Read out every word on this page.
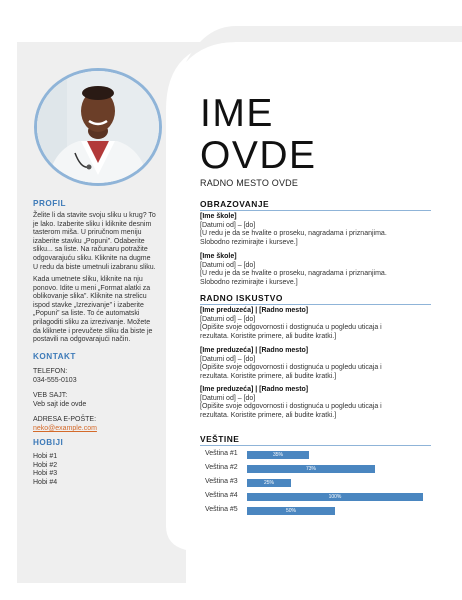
PROFIL

Želite li da stavite svoju sliku u krug? To

je lako. Izaberite sliku i kliknite desnim

tasterom miša. U priručnom meniju

izaberite stavku „Popuni”. Odaberite

sliku... sa liste. Na računaru potražite

odgovarajuću sliku. Kliknite na dugme

U redu da biste umetnuli izabranu sliku.

Kada umetnete sliku, kliknite na nju

ponovo. Idite u meni „Format alatki za

oblikovanje slika”. Kliknite na strelicu

ispod stavke „Izrezivanje” i izaberite

„Popuni” sa liste. To će automatski

prilagoditi sliku za izrezivanje. Možete

da kliknete i prevučete sliku da biste je

postavili na odgovarajući način.

KONTAKT

TELEFON:

034-555-0103

VEB SAJT:

Veb sajt ide ovde

ADRESA E-POŠTE:

neko@example.com

HOBIJI

Hobi #1

Hobi #2

Hobi #3

Hobi #4

IME
OVDE

RADNO MESTO OVDE

OBRAZOVANJE

[Ime škole]

[Datumi od] – [do]

[U redu je da se hvalite o proseku, nagradama i priznanjima.

Slobodno rezimirajte i kurseve.]

[Ime škole]

[Datumi od] – [do]

[U redu je da se hvalite o proseku, nagradama i priznanjima.

Slobodno rezimirajte i kurseve.]

RADNO ISKUSTVO

[Ime preduzeća] | [Radno mesto]

[Datumi od] – [do]

[Opišite svoje odgovornosti i dostignuća u pogledu uticaja i

rezultata. Koristite primere, ali budite kratki.]

[Ime preduzeća] | [Radno mesto]

[Datumi od] – [do]

[Opišite svoje odgovornosti i dostignuća u pogledu uticaja i

rezultata. Koristite primere, ali budite kratki.]

[Ime preduzeća] | [Radno mesto]

[Datumi od] – [do]

[Opišite svoje odgovornosti i dostignuća u pogledu uticaja i

rezultata. Koristite primere, ali budite kratki.]

VEŠTINE
Veština #1	35%
Veština #2	73%
Veština #3	25%
Veština #4	100%
Veština #5	50%
